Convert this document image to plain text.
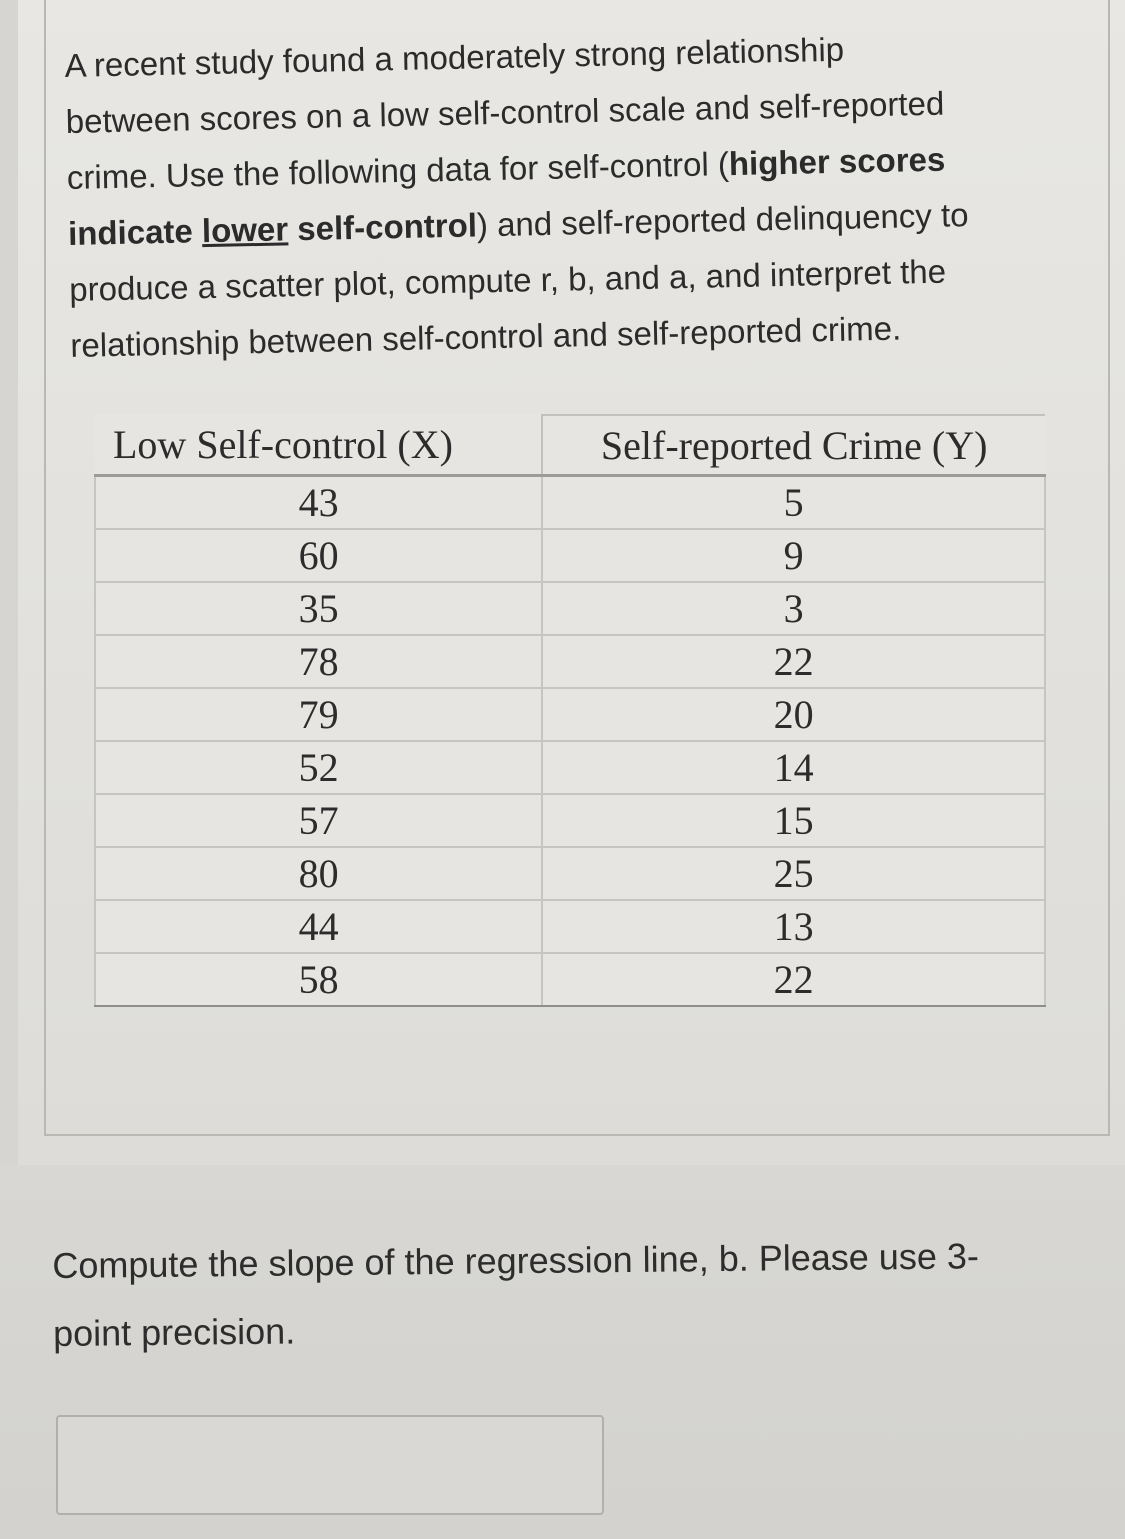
A recent study found a moderately strong relationship
between scores on a low self-control scale and self-reported
crime. Use the following data for self-control (higher scores
indicate lower self-control) and self-reported delinquency to
produce a scatter plot, compute r, b, and a, and interpret the
relationship between self-control and self-reported crime.
Low Self-control (X)	Self-reported Crime (Y)
43	5
60	9
35	3
78	22
79	20
52	14
57	15
80	25
44	13
58	22
Compute the slope of the regression line, b. Please use 3-
point precision.
